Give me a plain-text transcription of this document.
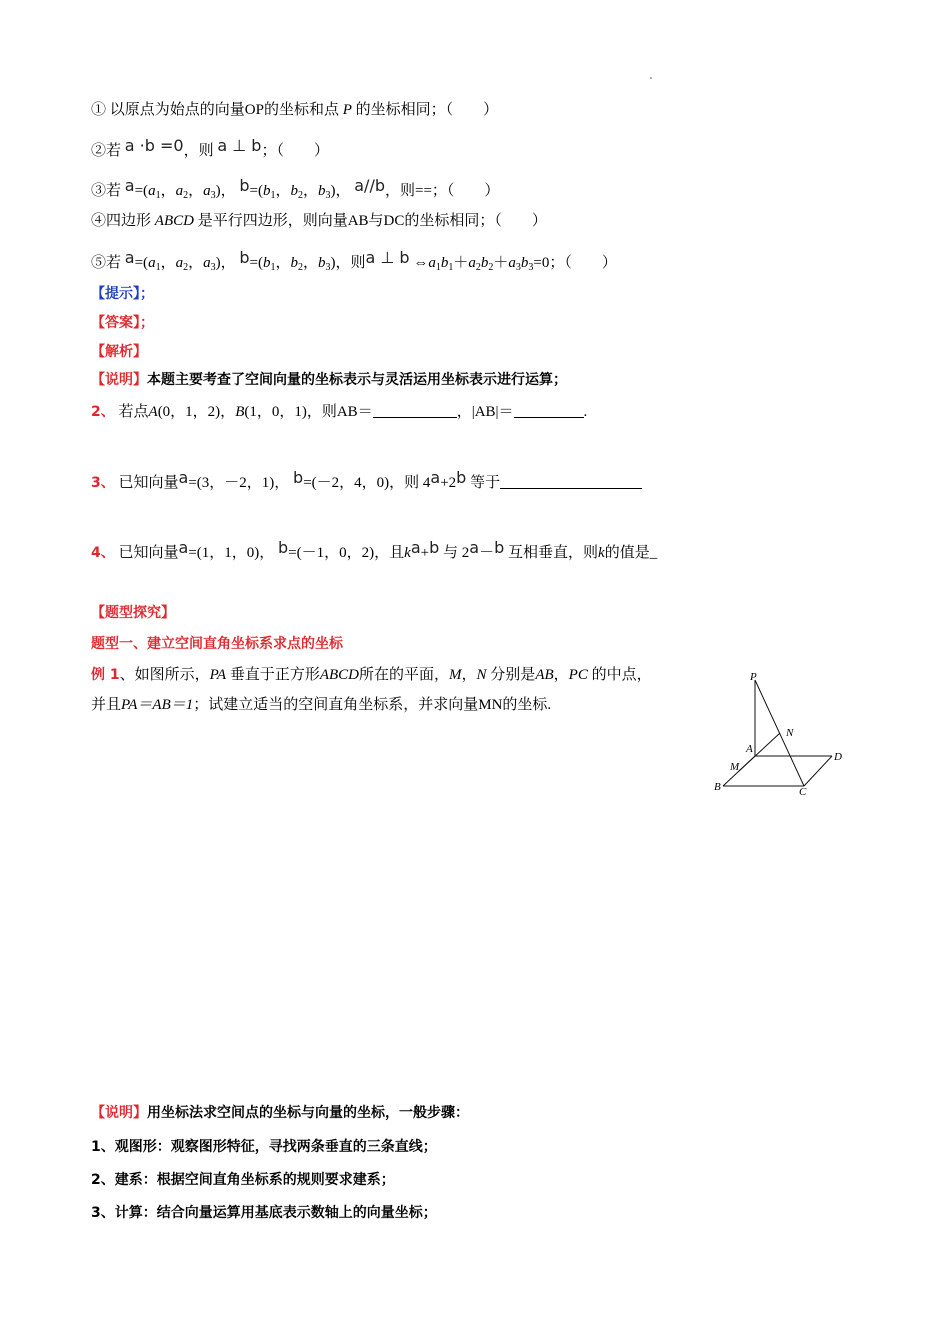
① 以原点为始点的向量OP的坐标和点 P 的坐标相同；（　　）
②若 a ·b =0，则 a ⊥ b；（　　）
③若 $a=(a_1$，$a_2$，$a_3$)， $b=(b_1$，$b_2$，$b_3$)， a//b，则==；（　　）
④四边形 ABCD 是平行四边形，则向量AB与DC的坐标相同；（　　）
⑤若 $a=(a_1$，$a_2$，$a_3$)， $b=(b_1$，$b_2$，$b_3$)，则a ⊥ b $\Leftrightarrow a_1b_1+a_2b_2+a_3b_3=0$；（　　）
【提示】；
【答案】；
【解析】
【说明】本题主要考查了空间向量的坐标表示与灵活运用坐标表示进行运算；
2、 若点A(0，1，2)，B(1，0，1)，则AB＝	，|AB|＝	.
3、 已知向量a=(3，－2，1)， b=(－2，4，0)，则 4a+2b 等于
4、 已知向量a=(1，1，0)， b=(－1，0，2)，且ka+b 与 2a－b 互相垂直，则k的值是_
【题型探究】
题型一、建立空间直角坐标系求点的坐标
例 1、如图所示，PA 垂直于正方形ABCD所在的平面，M，N 分别是AB，PC 的中点，
并且PA＝AB＝1；试建立适当的空间直角坐标系，并求向量MN的坐标.
P
A
N
M
B	C
D
【说明】用坐标法求空间点的坐标与向量的坐标，一般步骤：
1、观图形：观察图形特征，寻找两条垂直的三条直线；
2、建系：根据空间直角坐标系的规则要求建系；
3、计算：结合向量运算用基底表示数轴上的向量坐标；
